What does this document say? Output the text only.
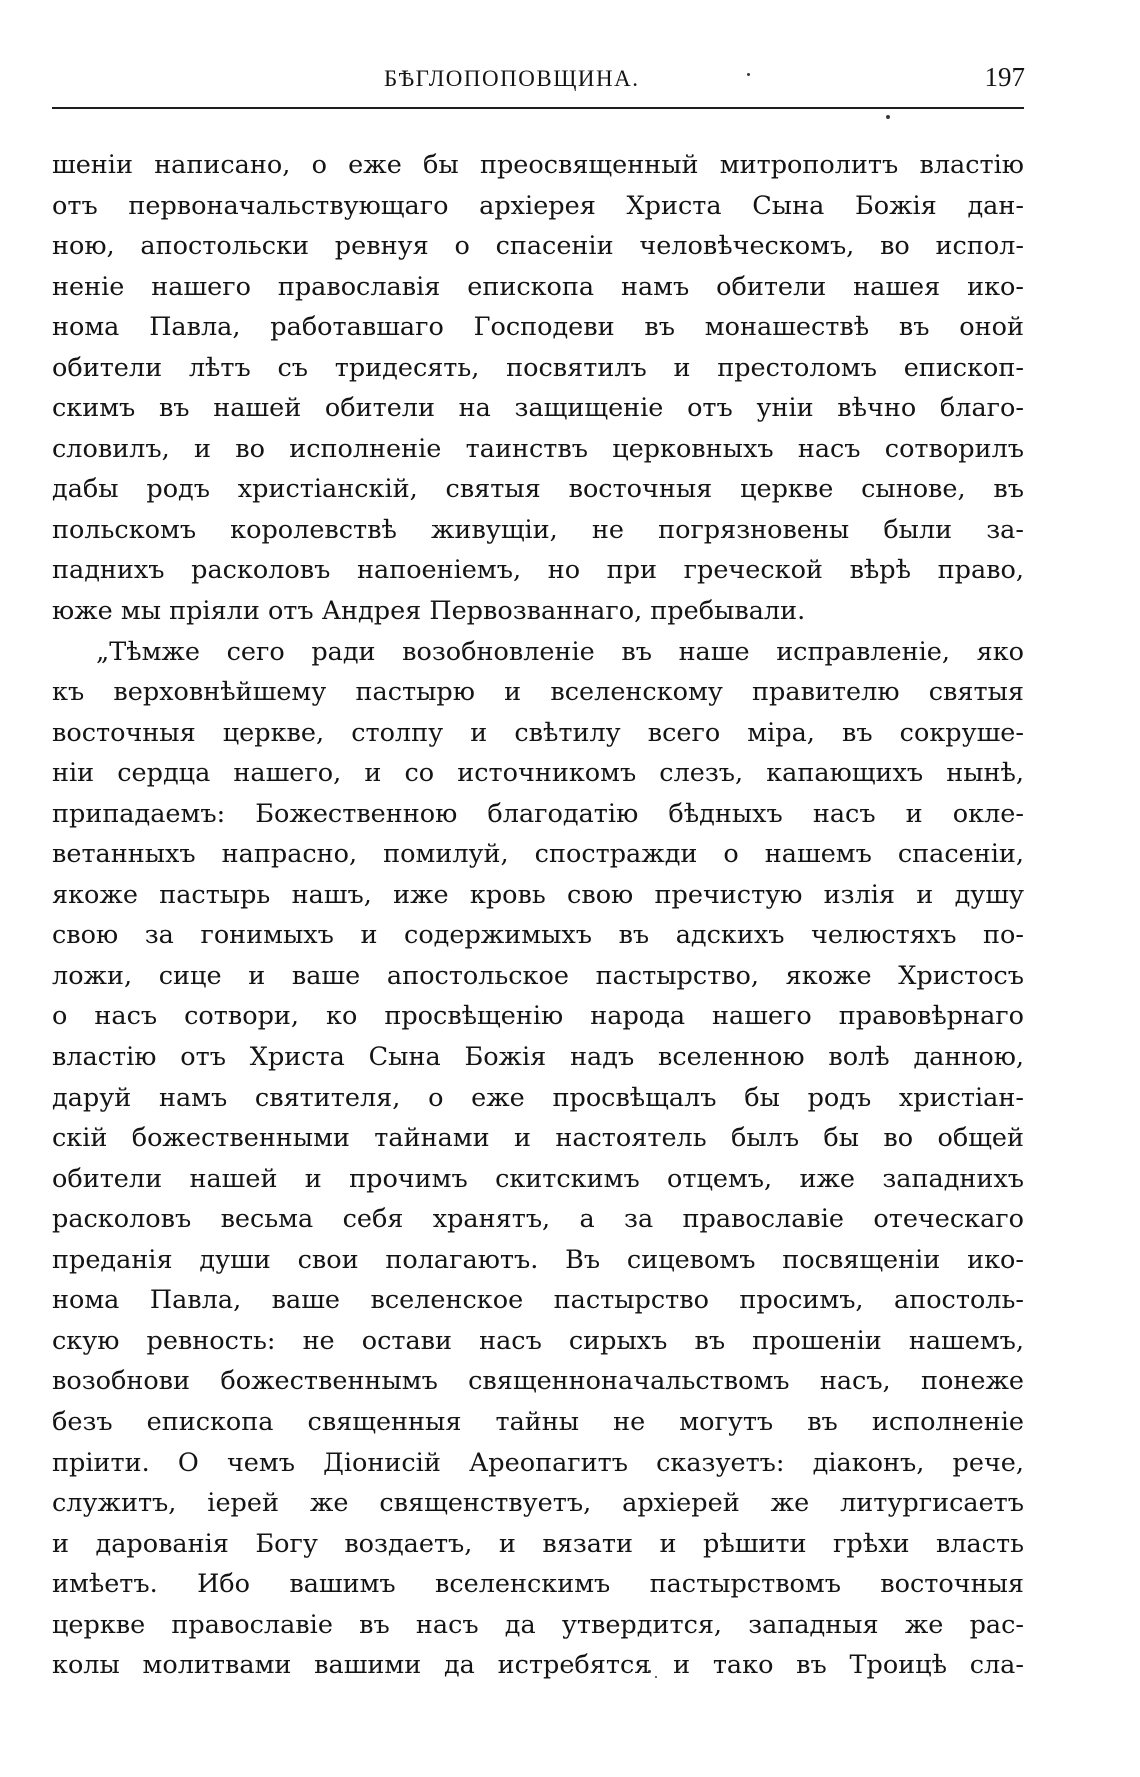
БѢГЛОПОПОВЩИНА.	197
шеніи написано, о еже бы преосвященный митрополитъ властію
отъ первоначальствующаго архіерея Христа Сына Божія дан-
ною, апостольски ревнуя о спасеніи человѣческомъ, во испол-
неніе нашего православія епископа намъ обители нашея ико-
нома Павла, работавшаго Господеви въ монашествѣ въ оной
обители лѣтъ съ тридесять, посвятилъ и престоломъ епископ-
скимъ въ нашей обители на защищеніе отъ уніи вѣчно благо-
словилъ, и во исполненіе таинствъ церковныхъ насъ сотворилъ
дабы родъ христіанскій, святыя восточныя церкве сынове, въ
польскомъ королевствѣ живущіи, не погрязновены были за-
паднихъ расколовъ напоеніемъ, но при греческой вѣрѣ право,
юже мы пріяли отъ Андрея Первозваннаго, пребывали.
„Тѣмже сего ради возобновленіе въ наше исправленіе, яко
къ верховнѣйшему пастырю и вселенскому правителю святыя
восточныя церкве, столпу и свѣтилу всего міра, въ сокруше-
ніи сердца нашего, и со источникомъ слезъ, капающихъ нынѣ,
припадаемъ: Божественною благодатію бѣдныхъ насъ и окле-
ветанныхъ напрасно, помилуй, спостражди о нашемъ спасеніи,
якоже пастырь нашъ, иже кровь свою пречистую излія и душу
свою за гонимыхъ и содержимыхъ въ адскихъ челюстяхъ по-
ложи, сице и ваше апостольское пастырство, якоже Христосъ
о насъ сотвори, ко просвѣщенію народа нашего правовѣрнаго
властію отъ Христа Сына Божія надъ вселенною волѣ данною,
даруй намъ святителя, о еже просвѣщалъ бы родъ христіан-
скій божественными тайнами и настоятель былъ бы во общей
обители нашей и прочимъ скитскимъ отцемъ, иже западнихъ
расколовъ весьма себя хранятъ, а за православіе отеческаго
преданія души свои полагаютъ. Въ сицевомъ посвященіи ико-
нома Павла, ваше вселенское пастырство просимъ, апостоль-
скую ревность: не остави насъ сирыхъ въ прошеніи нашемъ,
возобнови божественнымъ священноначальствомъ насъ, понеже
безъ епископа священныя тайны не могутъ въ исполненіе
пріити. О чемъ Діонисій Ареопагитъ сказуетъ: діаконъ, рече,
служитъ, іерей же священствуетъ, архіерей же литургисаетъ
и дарованія Богу воздаетъ, и вязати и рѣшити грѣхи власть
имѣетъ. Ибо вашимъ вселенскимъ пастырствомъ восточныя
церкве православіе въ насъ да утвердится, западныя же рас-
колы молитвами вашими да истребятся и тако въ Троицѣ сла-
